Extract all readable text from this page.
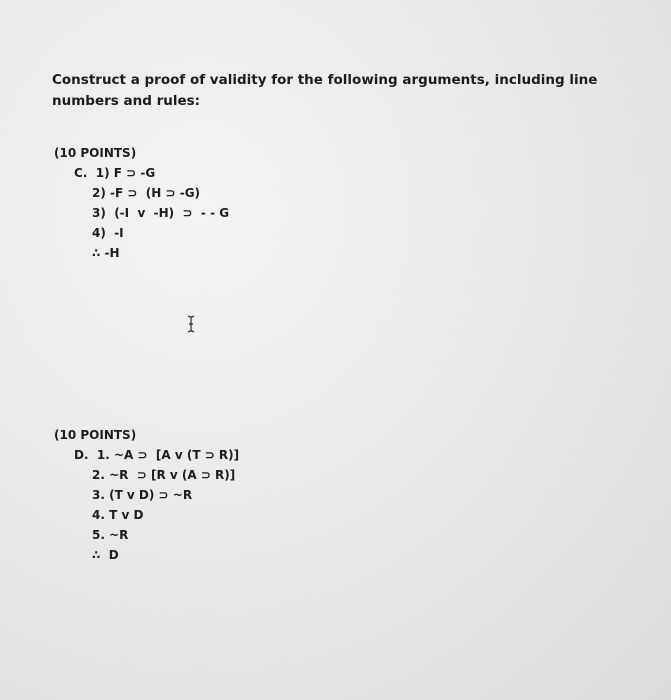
Construct a proof of validity for the following arguments, including line numbers and rules:
(10 POINTS)
C.  1) F ⊃ -G
2) -F ⊃  (H ⊃ -G)
3)  (-I  v  -H)  ⊃  - - G
4)  -I
∴ -H
(10 POINTS)
D.  1. ~A ⊃  [A v (T ⊃ R)]
2. ~R  ⊃ [R v (A ⊃ R)]
3. (T v D) ⊃ ~R
4. T v D
5. ~R
∴  D
